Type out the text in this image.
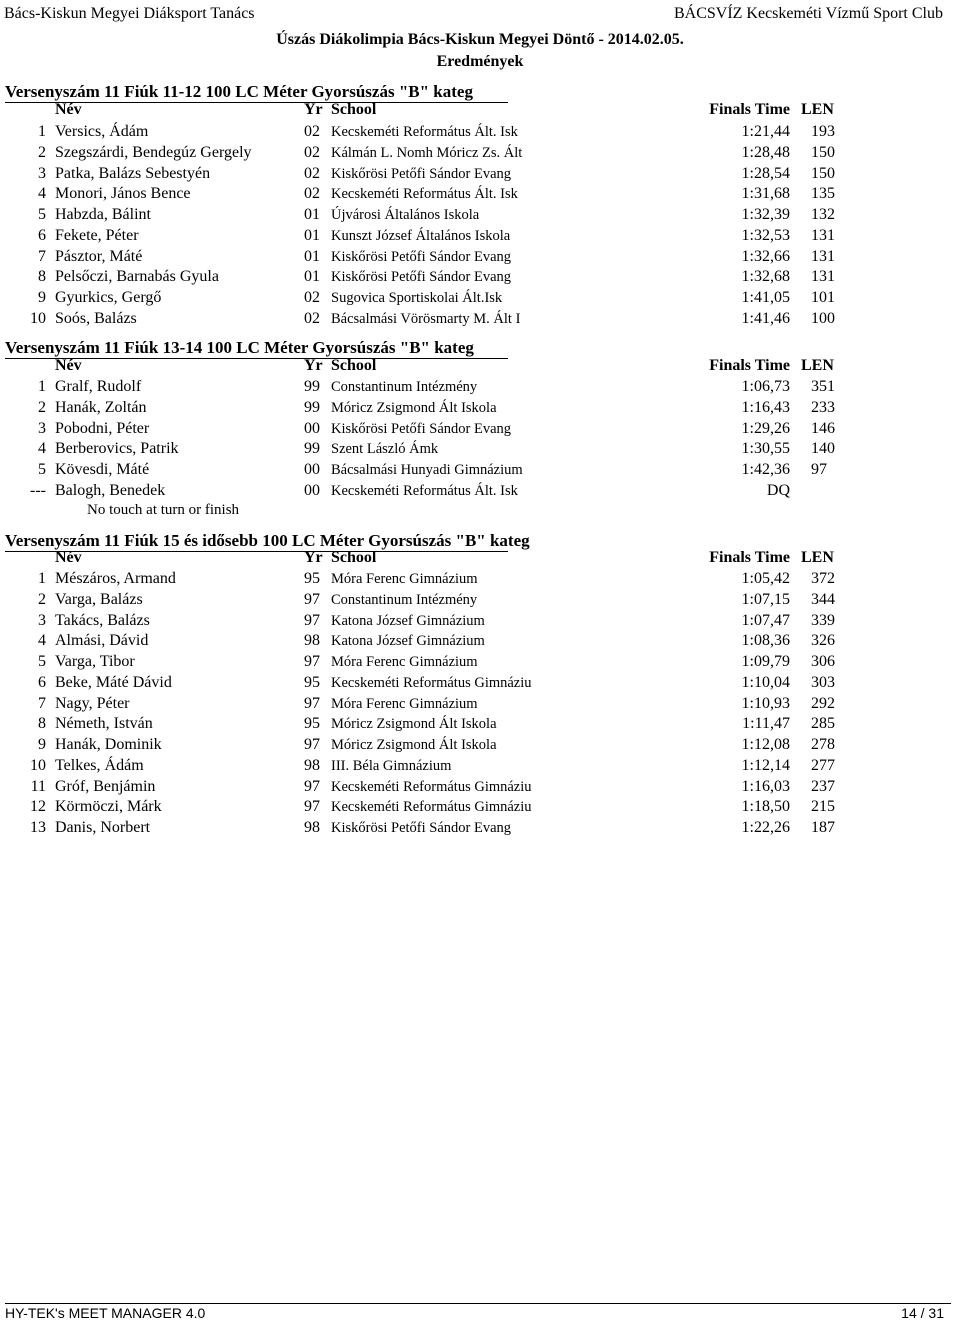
Bács-Kiskun Megyei Diáksport Tanács	BÁCSVÍZ Kecskeméti Vízmű Sport Club
Úszás Diákolimpia Bács-Kiskun Megyei Döntő - 2014.02.05.
Eredmények
Versenyszám 11 Fiúk 11-12 100 LC Méter Gyorsúszás "B" kateg
Név	Yr School	Finals Time LEN
1 Versics, Ádám	02 Kecskeméti Református Ált. Isk	1:21,44 193
2 Szegszárdi, Bendegúz Gergely	02 Kálmán L. Nomh Móricz Zs. Ált	1:28,48 150
3 Patka, Balázs Sebestyén	02 Kiskőrösi Petőfi Sándor Evang	1:28,54 150
4 Monori, János Bence	02 Kecskeméti Református Ált. Isk	1:31,68 135
5 Habzda, Bálint	01 Újvárosi Általános Iskola	1:32,39 132
6 Fekete, Péter	01 Kunszt József Általános Iskola	1:32,53 131
7 Pásztor, Máté	01 Kiskőrösi Petőfi Sándor Evang	1:32,66 131
8 Pelsőczi, Barnabás Gyula	01 Kiskőrösi Petőfi Sándor Evang	1:32,68 131
9 Gyurkics, Gergő	02 Sugovica Sportiskolai Ált.Isk	1:41,05 101
10 Soós, Balázs	02 Bácsalmási Vörösmarty M. Ált I	1:41,46 100
Versenyszám 11 Fiúk 13-14 100 LC Méter Gyorsúszás "B" kateg
Név	Yr School	Finals Time LEN
1 Gralf, Rudolf	99 Constantinum Intézmény	1:06,73 351
2 Hanák, Zoltán	99 Móricz Zsigmond Ált Iskola	1:16,43 233
3 Pobodni, Péter	00 Kiskőrösi Petőfi Sándor Evang	1:29,26 146
4 Berberovics, Patrik	99 Szent László Ámk	1:30,55 140
5 Kövesdi, Máté	00 Bácsalmási Hunyadi Gimnázium	1:42,36 97
--- Balogh, Benedek	00 Kecskeméti Református Ált. Isk	DQ
No touch at turn or finish
Versenyszám 11 Fiúk 15 és idősebb 100 LC Méter Gyorsúszás "B" kateg
Név	Yr School	Finals Time LEN
1 Mészáros, Armand	95 Móra Ferenc Gimnázium	1:05,42 372
2 Varga, Balázs	97 Constantinum Intézmény	1:07,15 344
3 Takács, Balázs	97 Katona József Gimnázium	1:07,47 339
4 Almási, Dávid	98 Katona József Gimnázium	1:08,36 326
5 Varga, Tibor	97 Móra Ferenc Gimnázium	1:09,79 306
6 Beke, Máté Dávid	95 Kecskeméti Református Gimnáziu	1:10,04 303
7 Nagy, Péter	97 Móra Ferenc Gimnázium	1:10,93 292
8 Németh, István	95 Móricz Zsigmond Ált Iskola	1:11,47 285
9 Hanák, Dominik	97 Móricz Zsigmond Ált Iskola	1:12,08 278
10 Telkes, Ádám	98 III. Béla Gimnázium	1:12,14 277
11 Gróf, Benjámin	97 Kecskeméti Református Gimnáziu	1:16,03 237
12 Körmöczi, Márk	97 Kecskeméti Református Gimnáziu	1:18,50 215
13 Danis, Norbert	98 Kiskőrösi Petőfi Sándor Evang	1:22,26 187
HY-TEK's MEET MANAGER 4.0	14 / 31
